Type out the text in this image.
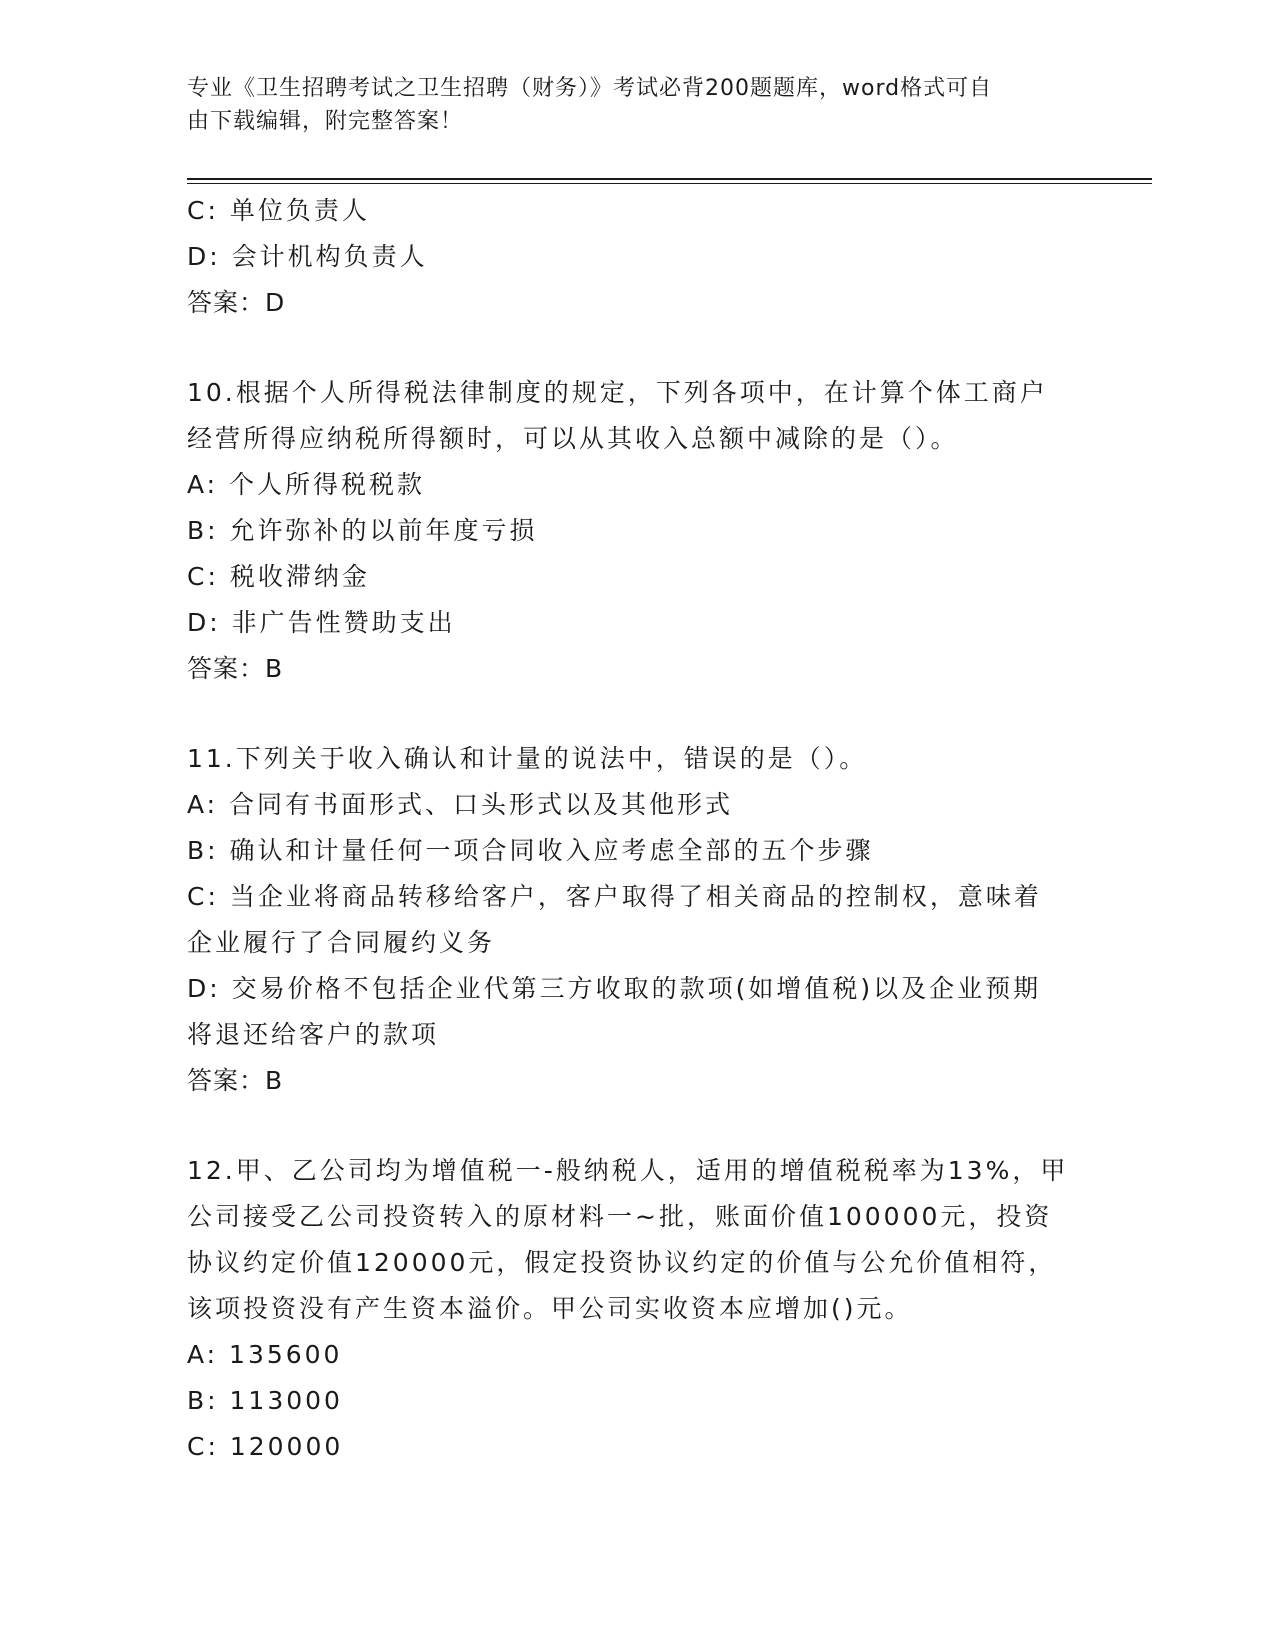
专业《卫生招聘考试之卫生招聘（财务）》考试必背200题题库，word格式可自
由下载编辑，附完整答案！
C: 单位负责人
D: 会计机构负责人
答案：D
10.根据个人所得税法律制度的规定，下列各项中，在计算个体工商户
经营所得应纳税所得额时，可以从其收入总额中减除的是（）。
A: 个人所得税税款
B: 允许弥补的以前年度亏损
C: 税收滞纳金
D: 非广告性赞助支出
答案：B
11.下列关于收入确认和计量的说法中，错误的是（）。
A: 合同有书面形式、口头形式以及其他形式
B: 确认和计量任何一项合同收入应考虑全部的五个步骤
C: 当企业将商品转移给客户，客户取得了相关商品的控制权，意味着
企业履行了合同履约义务
D: 交易价格不包括企业代第三方收取的款项(如增值税)以及企业预期
将退还给客户的款项
答案：B
12.甲、乙公司均为增值税一-般纳税人，适用的增值税税率为13%，甲
公司接受乙公司投资转入的原材料一~批，账面价值100000元，投资
协议约定价值120000元，假定投资协议约定的价值与公允价值相符，
该项投资没有产生资本溢价。甲公司实收资本应增加()元。
A: 135600
B: 113000
C: 120000
